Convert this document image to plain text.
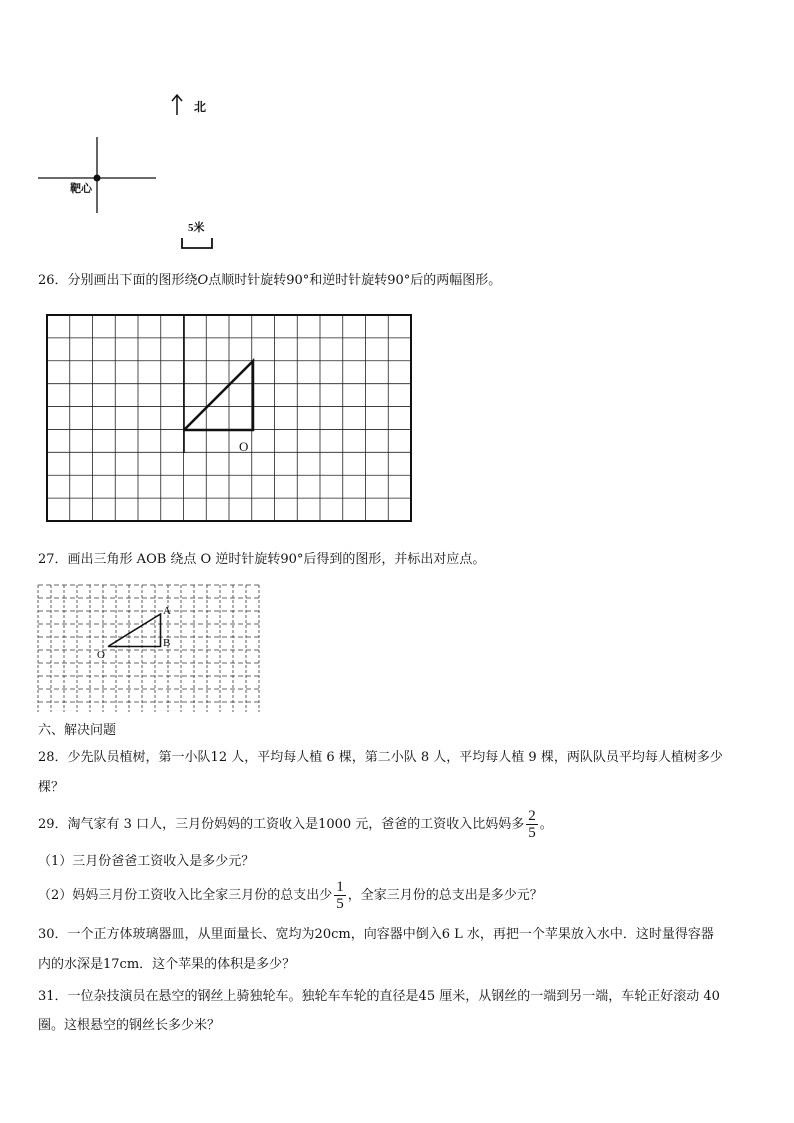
北
靶心
5米
26．分别画出下面的图形绕O点顺时针旋转90°和逆时针旋转90°后的两幅图形。
O
27．画出三角形 AOB 绕点 O 逆时针旋转90°后得到的图形，并标出对应点。
A
B
O
六、解决问题
28．少先队员植树，第一小队12 人，平均每人植 6 棵，第二小队 8 人，平均每人植 9 棵，两队队员平均每人植树多少
棵？
29．淘气家有 3 口人，三月份妈妈的工资收入是1000 元，爸爸的工资收入比妈妈多 $\frac{2}{5}$ 。
（1）三月份爸爸工资收入是多少元？
（2）妈妈三月份工资收入比全家三月份的总支出少 $\frac{1}{5}$ ，全家三月份的总支出是多少元？
30．一个正方体玻璃器皿，从里面量长、宽均为20cm，向容器中倒入6 L 水，再把一个苹果放入水中．这时量得容器
内的水深是17cm．这个苹果的体积是多少？
31．一位杂技演员在悬空的钢丝上骑独轮车。独轮车车轮的直径是45 厘米，从钢丝的一端到另一端，车轮正好滚动 40
圈。这根悬空的钢丝长多少米？
